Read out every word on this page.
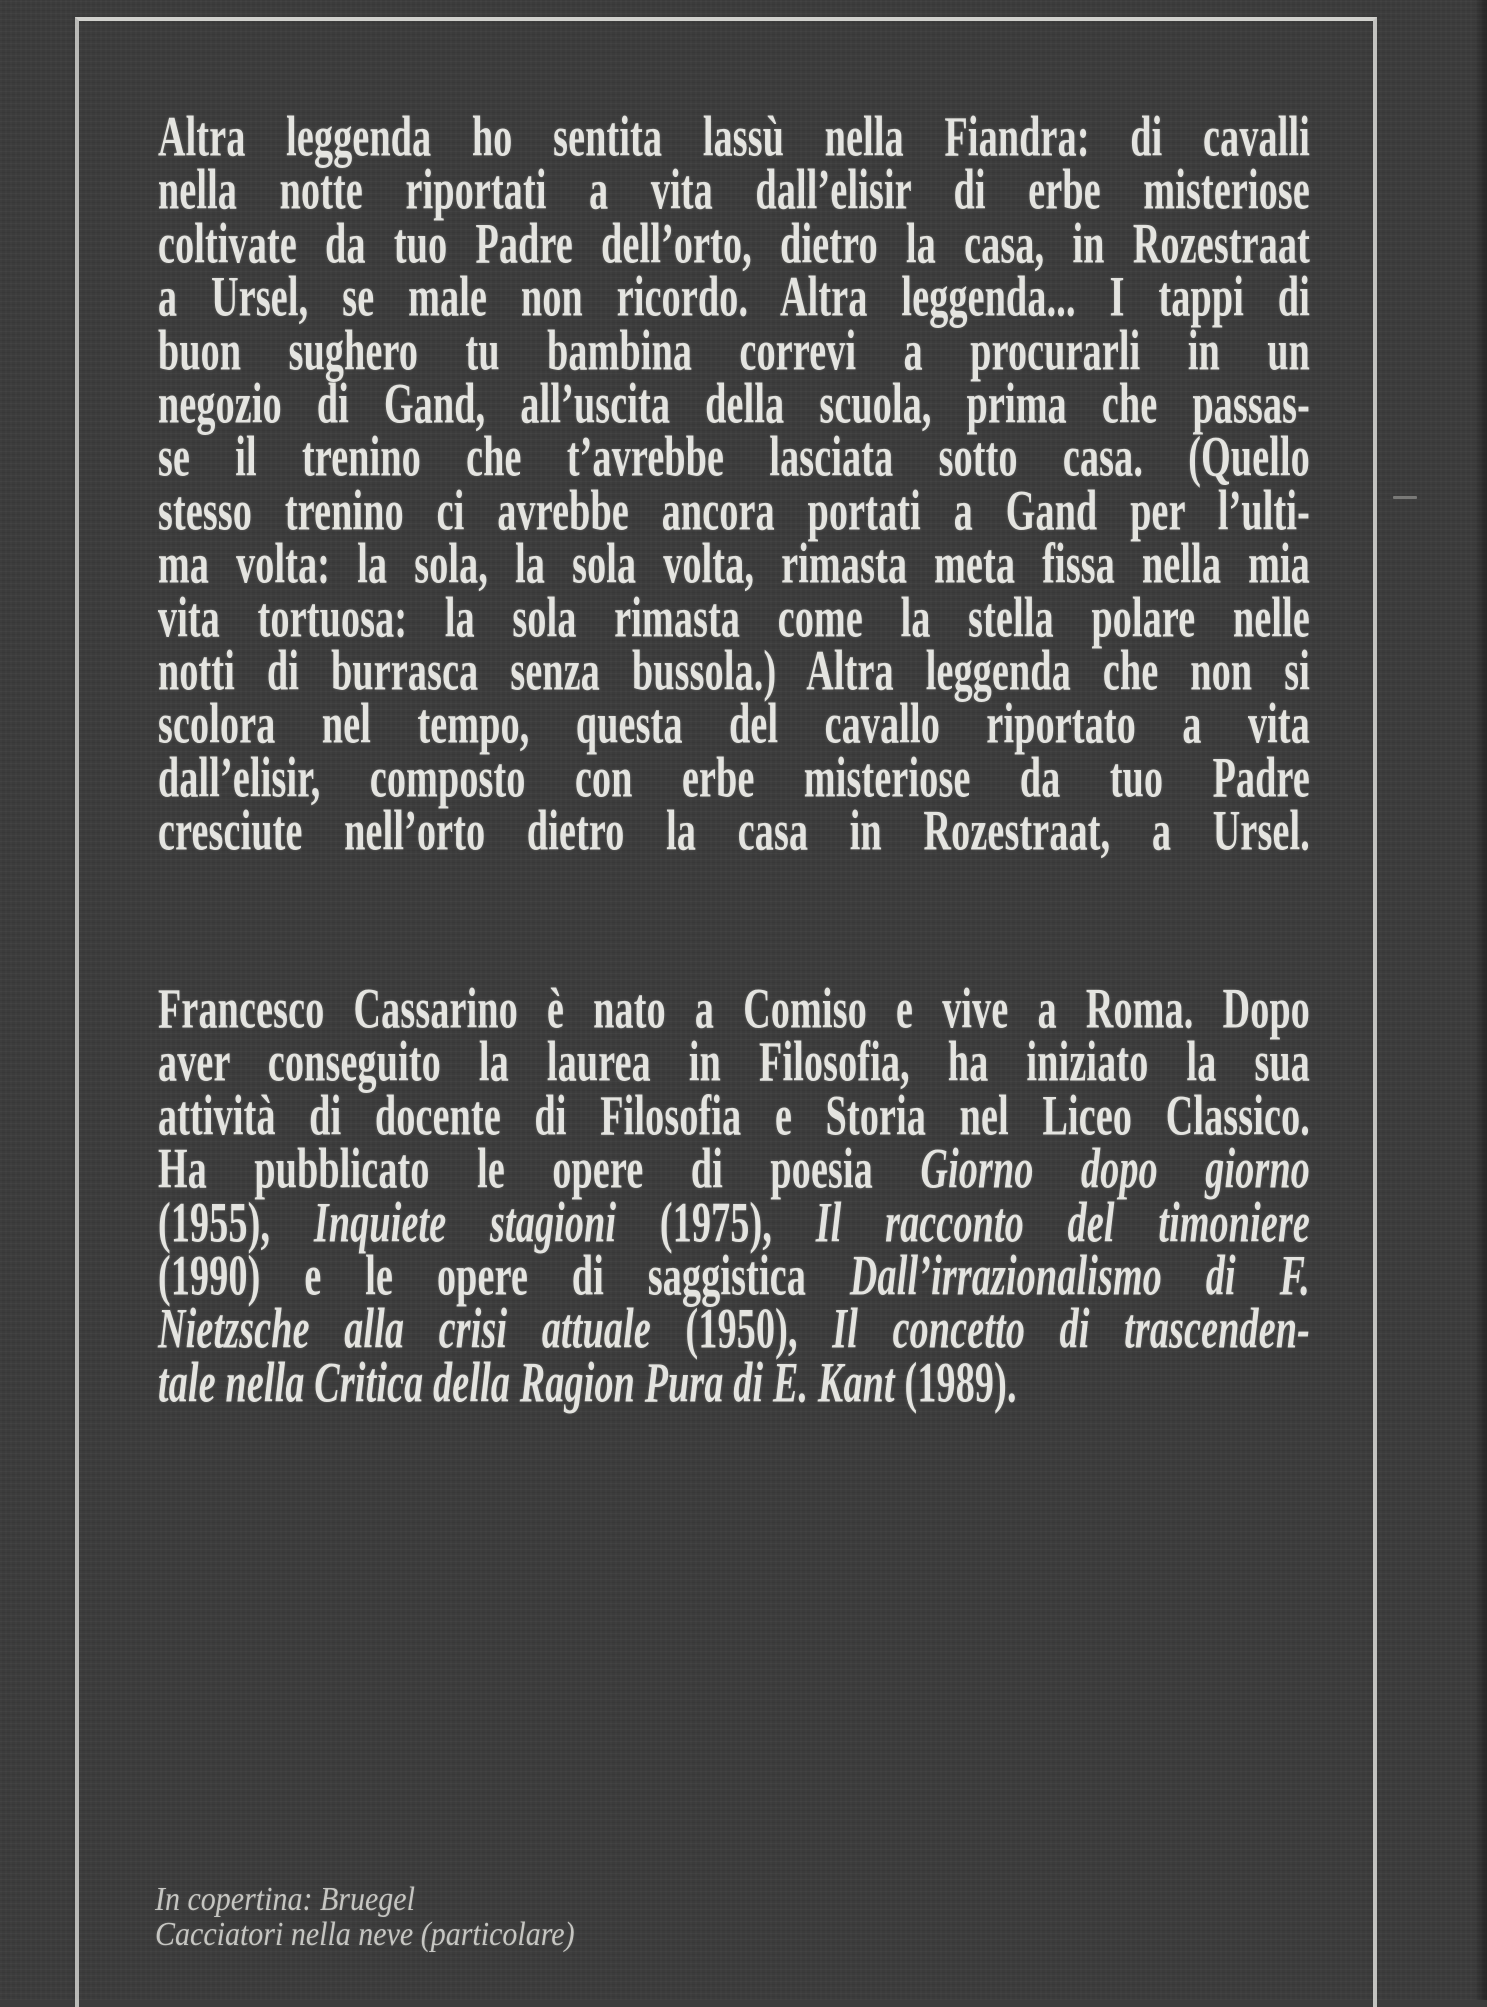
Altra leggenda ho sentita lassù nella Fiandra: di cavalli
nella notte riportati a vita dall’elisir di erbe misteriose
coltivate da tuo Padre dell’orto, dietro la casa, in Rozestraat
a Ursel, se male non ricordo. Altra leggenda... I tappi di
buon sughero tu bambina correvi a procurarli in un
negozio di Gand, all’uscita della scuola, prima che passas-
se il trenino che t’avrebbe lasciata sotto casa. (Quello
stesso trenino ci avrebbe ancora portati a Gand per l’ulti-
ma volta: la sola, la sola volta, rimasta meta fissa nella mia
vita tortuosa: la sola rimasta come la stella polare nelle
notti di burrasca senza bussola.) Altra leggenda che non si
scolora nel tempo, questa del cavallo riportato a vita
dall’elisir, composto con erbe misteriose da tuo Padre
cresciute nell’orto dietro la casa in Rozestraat, a Ursel.
Francesco Cassarino è nato a Comiso e vive a Roma. Dopo
aver conseguito la laurea in Filosofia, ha iniziato la sua
attività di docente di Filosofia e Storia nel Liceo Classico.
Ha pubblicato le opere di poesia Giorno dopo giorno
(1955), Inquiete stagioni (1975), Il racconto del timoniere
(1990) e le opere di saggistica Dall’irrazionalismo di F.
Nietzsche alla crisi attuale (1950), Il concetto di trascenden-
tale nella Critica della Ragion Pura di E. Kant (1989).
In copertina: Bruegel
Cacciatori nella neve (particolare)
